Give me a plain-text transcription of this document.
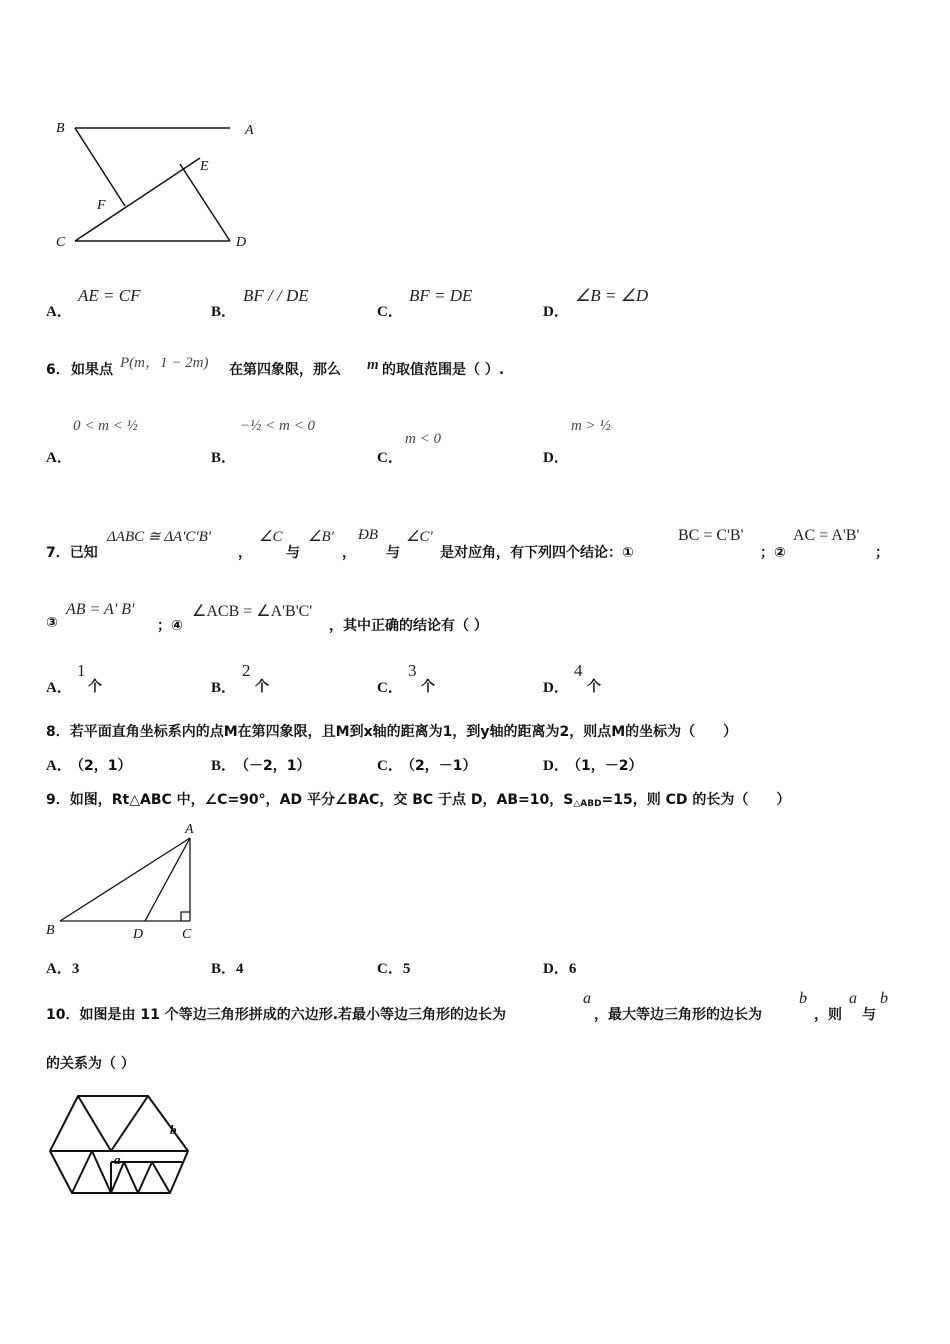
B	A
E
F
C	D
A．
AE = CF
B．
BF / / DE
C．
BF = DE
D．
∠B = ∠D
6． 如果点 P(m，1 − 2m) 在第四象限，那么 m 的取值范围是（ ）.
A．
0 < m < ½
B．
−½ < m < 0
C．
m < 0
D．
m > ½
7．已知
ΔABC ≅ ΔA'C'B'
，
∠C
与
∠B'
，
ÐB
与
∠C'
是对应角，有下列四个结论：①
BC = C'B'
；②
AC = A'B'
；
③
AB = A' B'
；④
∠ACB = ∠A'B'C'
，其中正确的结论有（ ）
A．
1
个	B．
2
个	C．
3
个	D．
4
个
8．若平面直角坐标系内的点M在第四象限，且M到x轴的距离为1，到y轴的距离为2，则点M的坐标为（　　）
A．
（2，1）	B．
（－2，1）	C．
（2，－1）	D．
（1，－2）
9．如图，Rt△ABC 中，∠C=90°，AD 平分∠BAC，交 BC 于点 D，AB=10，$S_{\triangle ABD}=15$，则 CD 的长为（　　）
A
B	D	C
A．3	B．4	C．5	D．6
10．如图是由 11 个等边三角形拼成的六边形.若最小等边三角形的边长为
a
，最大等边三角形的边长为
b
，则
a
与
b
的关系为（ ）
a
b
